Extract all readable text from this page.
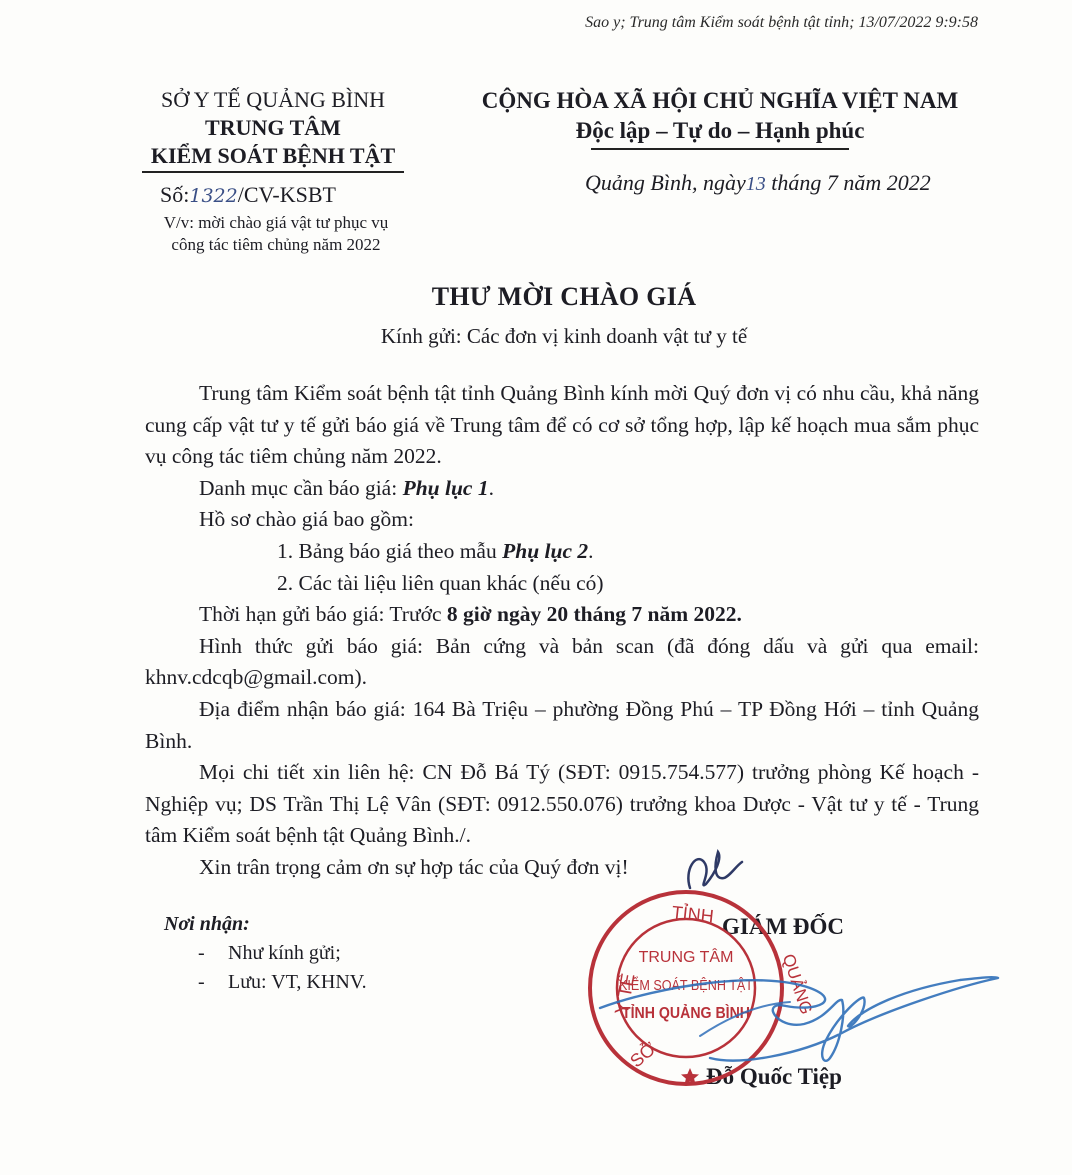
Sao y; Trung tâm Kiểm soát bệnh tật tỉnh; 13/07/2022 9:9:58
SỞ Y TẾ QUẢNG BÌNH
TRUNG TÂM
KIỂM SOÁT BỆNH TẬT
Số:1322/CV-KSBT
V/v: mời chào giá vật tư phục vụ
công tác tiêm chủng năm 2022
CỘNG HÒA XÃ HỘI CHỦ NGHĨA VIỆT NAM
Độc lập – Tự do – Hạnh phúc
Quảng Bình, ngày13 tháng 7 năm 2022
THƯ MỜI CHÀO GIÁ
Kính gửi: Các đơn vị kinh doanh vật tư y tế

Trung tâm Kiểm soát bệnh tật tỉnh Quảng Bình kính mời Quý đơn vị có nhu cầu, khả năng cung cấp vật tư y tế gửi báo giá về Trung tâm để có cơ sở tổng hợp, lập kế hoạch mua sắm phục vụ công tác tiêm chủng năm 2022.

Danh mục cần báo giá: Phụ lục 1.

Hồ sơ chào giá bao gồm:

1. Bảng báo giá theo mẫu Phụ lục 2.

2. Các tài liệu liên quan khác (nếu có)

Thời hạn gửi báo giá: Trước 8 giờ ngày 20 tháng 7 năm 2022.

Hình thức gửi báo giá: Bản cứng và bản scan (đã đóng dấu và gửi qua email: khnv.cdcqb@gmail.com).

Địa điểm nhận báo giá: 164 Bà Triệu – phường Đồng Phú – TP Đồng Hới – tỉnh Quảng Bình.

Mọi chi tiết xin liên hệ: CN Đỗ Bá Tý (SĐT: 0915.754.577) trưởng phòng Kế hoạch - Nghiệp vụ; DS Trần Thị Lệ Vân (SĐT: 0912.550.076) trưởng khoa Dược - Vật tư y tế - Trung tâm Kiểm soát bệnh tật Quảng Bình./.

Xin trân trọng cảm ơn sự hợp tác của Quý đơn vị!

Nơi nhận:
-	Như kính gửi;
-	Lưu: VT, KHNV.
GIÁM ĐỐC
Đỗ Quốc Tiệp
TỈNH
Y TẾ	QUẢNG
SỞ
TRUNG TÂM
KIỂM SOÁT BỆNH TẬT
TỈNH QUẢNG BÌNH
